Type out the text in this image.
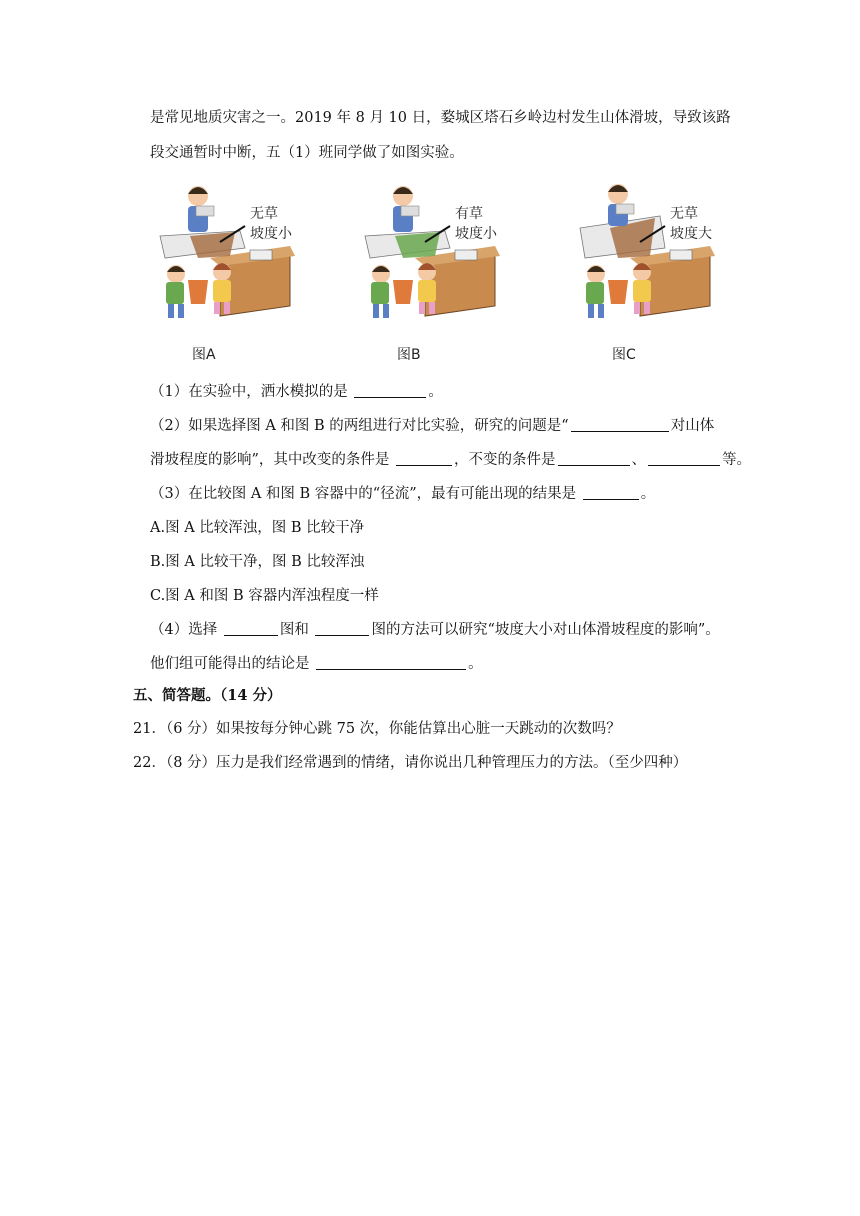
是常见地质灾害之一。2019 年 8 月 10 日，婺城区塔石乡岭边村发生山体滑坡，导致该路
段交通暂时中断，五（1）班同学做了如图实验。
无草
坡度小
图A
有草
坡度小
图B
无草
坡度大
图C
（1）在实验中，洒水模拟的是	。
（2）如果选择图 A 和图 B 的两组进行对比实验，研究的问题是“	对山体
滑坡程度的影响”，其中改变的条件是	，不变的条件是	、	等。
（3）在比较图 A 和图 B 容器中的“径流”，最有可能出现的结果是	。
A.图 A 比较浑浊，图 B 比较干净
B.图 A 比较干净，图 B 比较浑浊
C.图 A 和图 B 容器内浑浊程度一样
（4）选择	图和	图的方法可以研究“坡度大小对山体滑坡程度的影响”。
他们组可能得出的结论是	。
五、简答题。（14 分）
21．（6 分）如果按每分钟心跳 75 次，你能估算出心脏一天跳动的次数吗？
22．（8 分）压力是我们经常遇到的情绪，请你说出几种管理压力的方法。（至少四种）
